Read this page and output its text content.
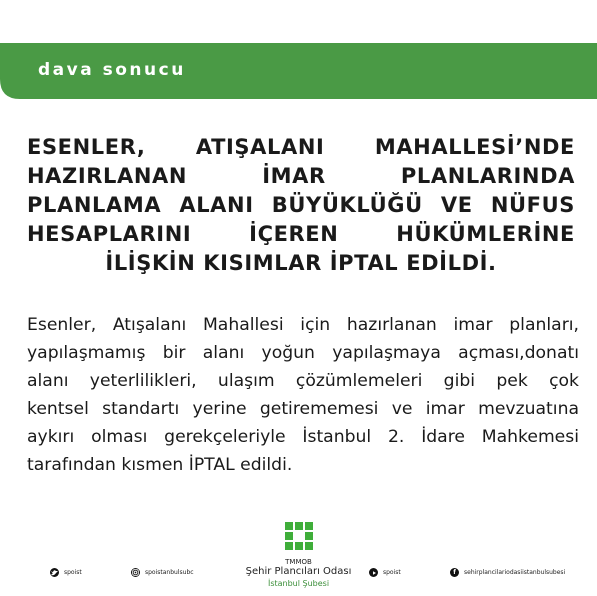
dava sonucu
ESENLER, ATIŞALANI MAHALLESİ’NDE
HAZIRLANAN İMAR PLANLARINDA
PLANLAMA ALANI BÜYÜKLÜĞÜ VE NÜFUS
HESAPLARINI İÇEREN HÜKÜMLERİNE
İLİŞKİN KISIMLAR İPTAL EDİLDİ.
Esenler, Atışalanı Mahallesi için hazırlanan imar planları,
yapılaşmamış bir alanı yoğun yapılaşmaya açması,donatı
alanı yeterlilikleri, ulaşım çözümlemeleri gibi pek çok
kentsel standartı yerine getirememesi ve imar mevzuatına
aykırı olması gerekçeleriyle İstanbul 2. İdare Mahkemesi
tarafından kısmen İPTAL edildi.
spoist	spoistanbulsubc
TMMOB
Şehir Plancıları Odası
İstanbul Şubesi
spoist	f	sehirplancilariodasiistanbulsubesi
